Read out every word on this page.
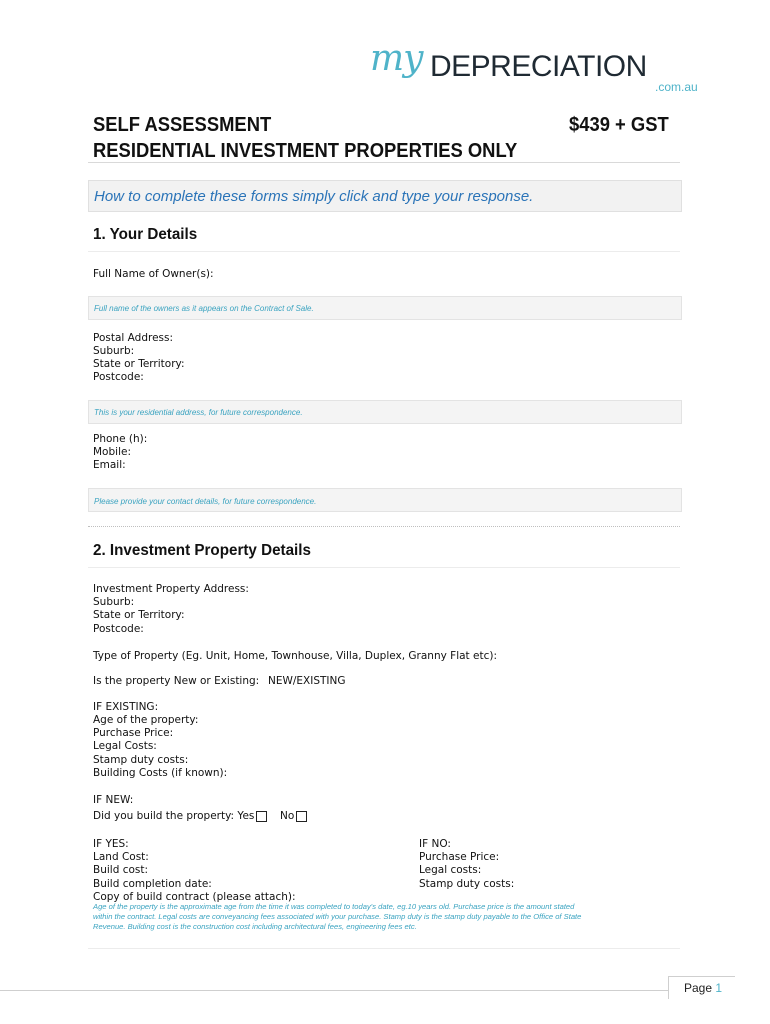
my DEPRECIATION
.com.au
SELF ASSESSMENT
RESIDENTIAL INVESTMENT PROPERTIES ONLY
$439 + GST
How to complete these forms simply click and type your response.
1. Your Details
Full Name of Owner(s):
Full name of the owners as it appears on the Contract of Sale.
Postal Address:
Suburb:
State or Territory:
Postcode:
This is your residential address, for future correspondence.
Phone (h):
Mobile:
Email:
Please provide your contact details, for future correspondence.
2. Investment Property Details
Investment Property Address:
Suburb:
State or Territory:
Postcode:
Type of Property (Eg. Unit, Home, Townhouse, Villa, Duplex, Granny Flat etc):
Is the property New or Existing: NEW/EXISTING
IF EXISTING:
Age of the property:
Purchase Price:
Legal Costs:
Stamp duty costs:
Building Costs (if known):
IF NEW:
Did you build the property: Yes	No
IF YES:
Land Cost:
Build cost:
Build completion date:
Copy of build contract (please attach):
IF NO:
Purchase Price:
Legal costs:
Stamp duty costs:
Age of the property is the approximate age from the time it was completed to today's date, eg.10 years old. Purchase price is the amount stated
within the contract. Legal costs are conveyancing fees associated with your purchase. Stamp duty is the stamp duty payable to the Office of State
Revenue. Building cost is the construction cost including architectural fees, engineering fees etc.
Page 1
